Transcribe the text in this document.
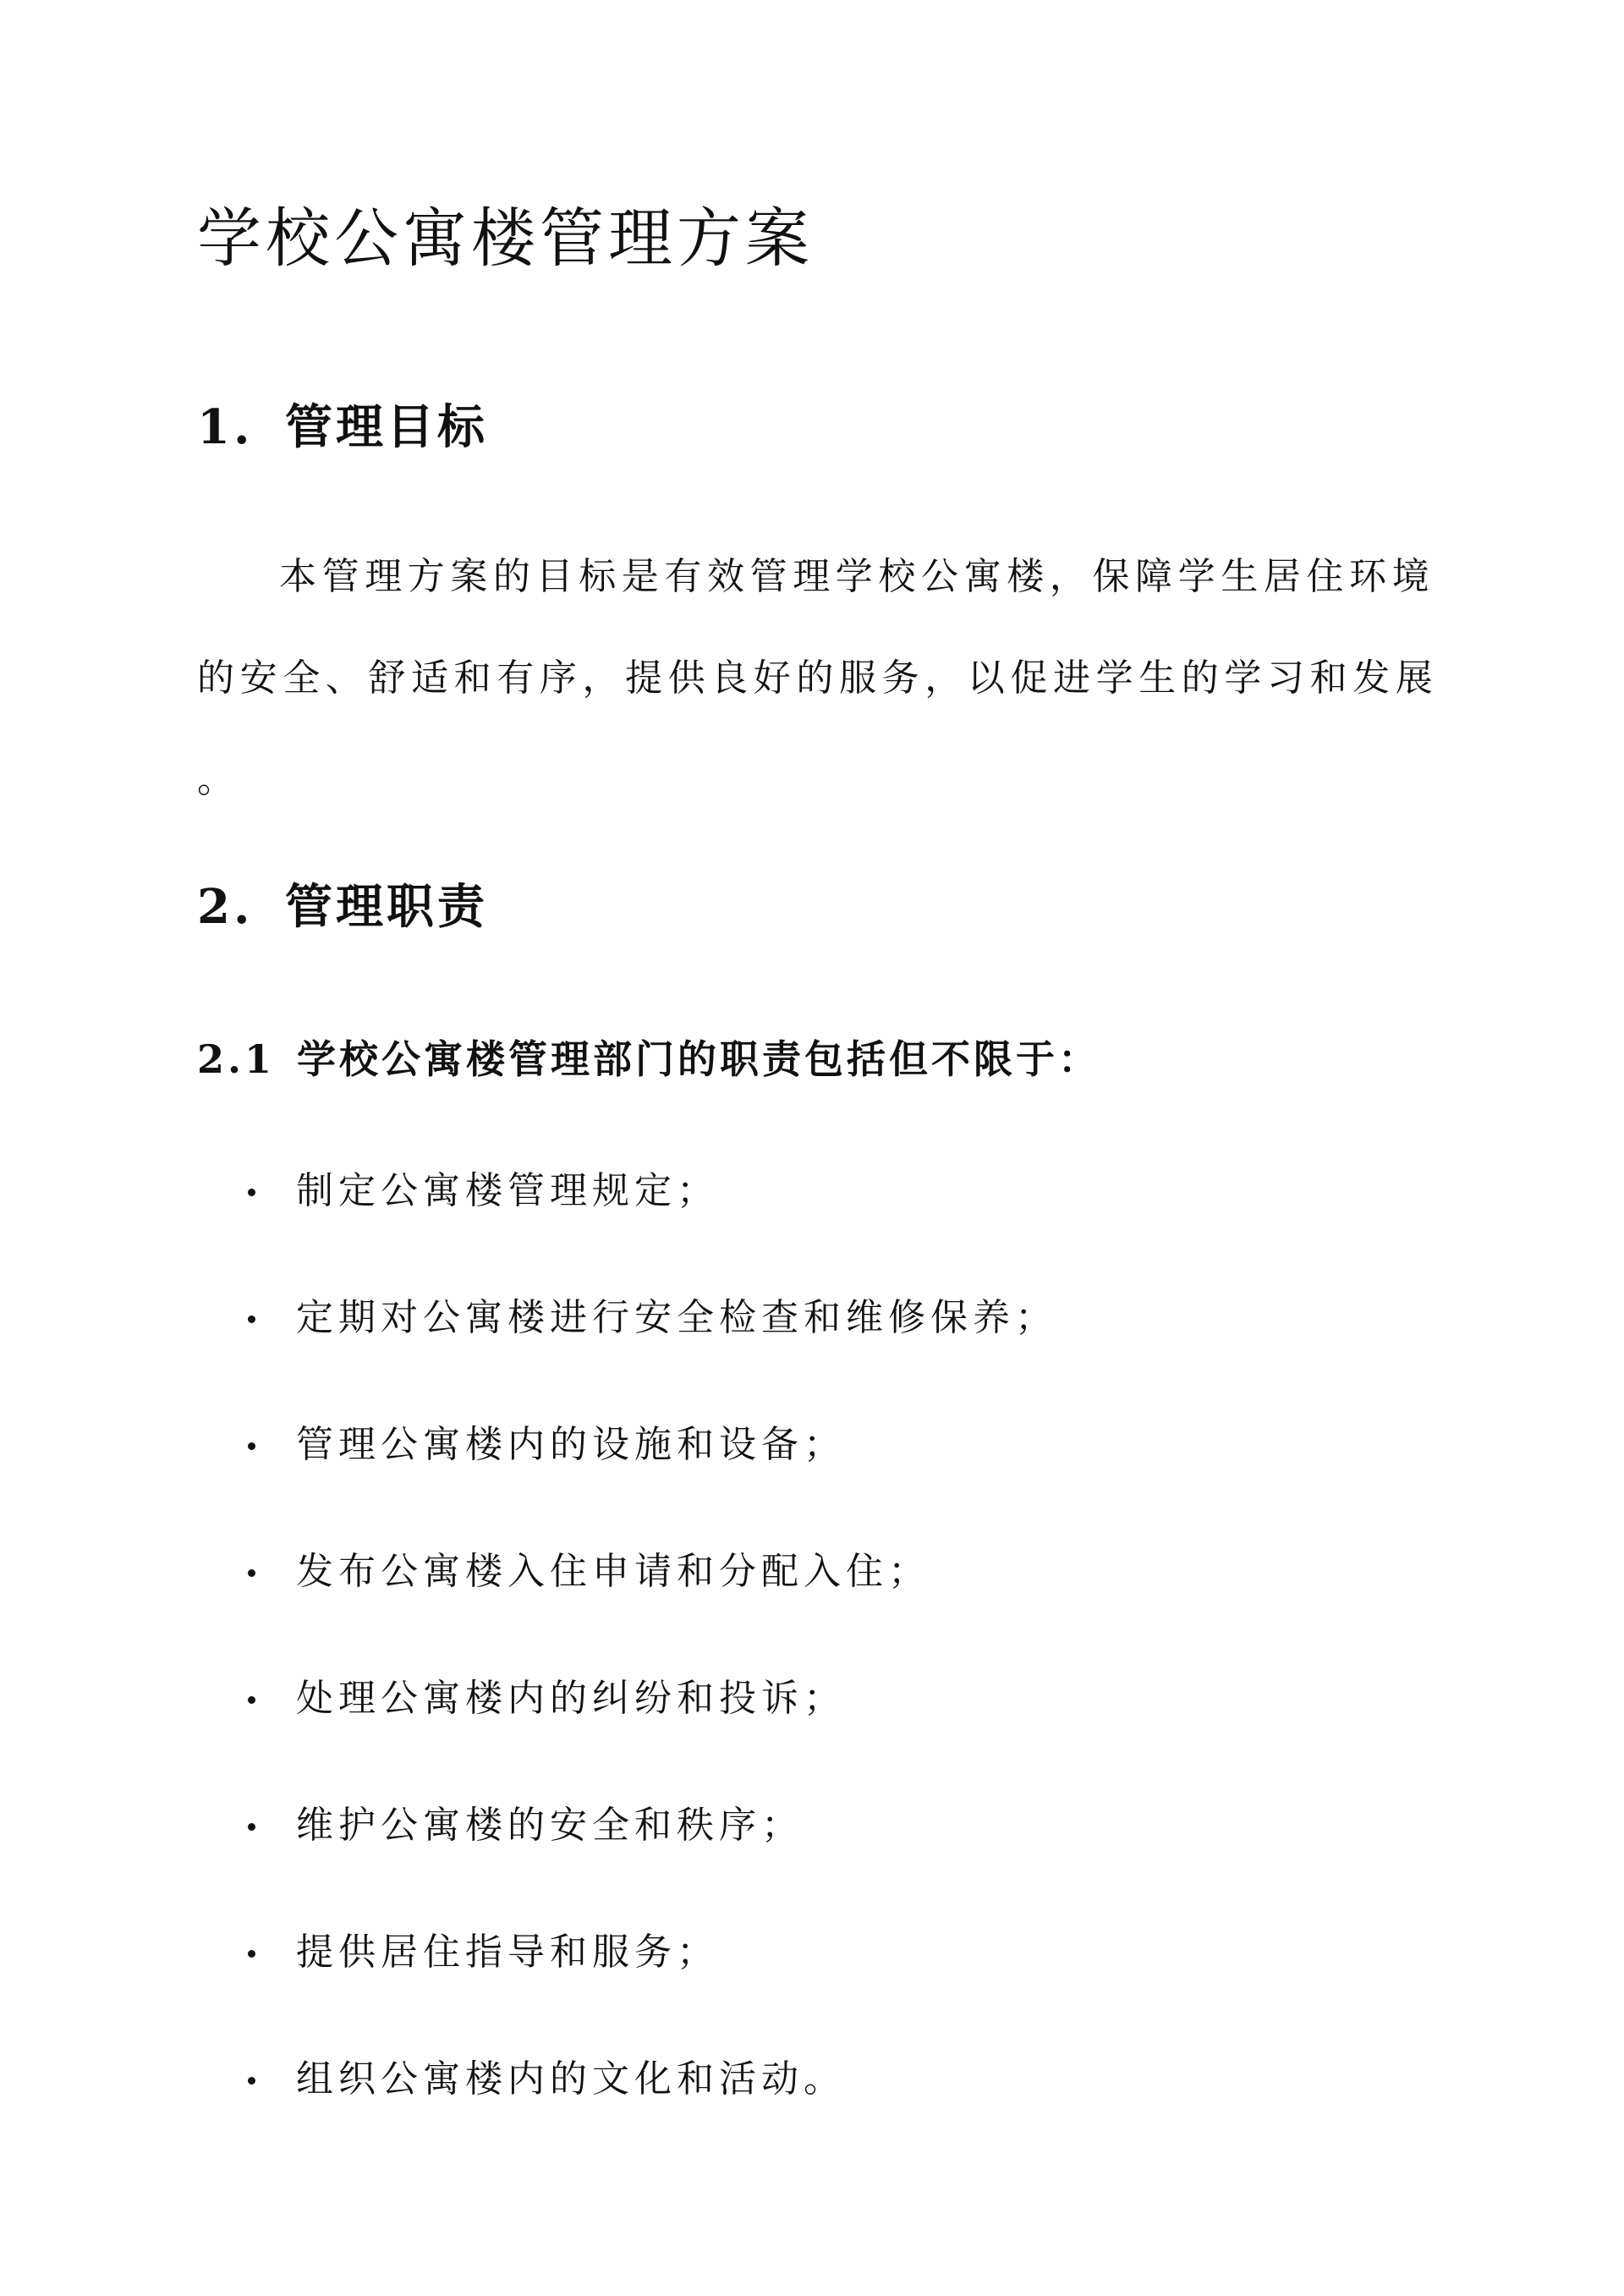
学校公寓楼管理方案
1. 管理目标

本管理方案的目标是有效管理学校公寓楼，保障学生居住环境

的安全、舒适和有序，提供良好的服务，以促进学生的学习和发展

。

2. 管理职责
2.1 学校公寓楼管理部门的职责包括但不限于：
制定公寓楼管理规定；
定期对公寓楼进行安全检查和维修保养；
管理公寓楼内的设施和设备；
发布公寓楼入住申请和分配入住；
处理公寓楼内的纠纷和投诉；
维护公寓楼的安全和秩序；
提供居住指导和服务；
组织公寓楼内的文化和活动。
